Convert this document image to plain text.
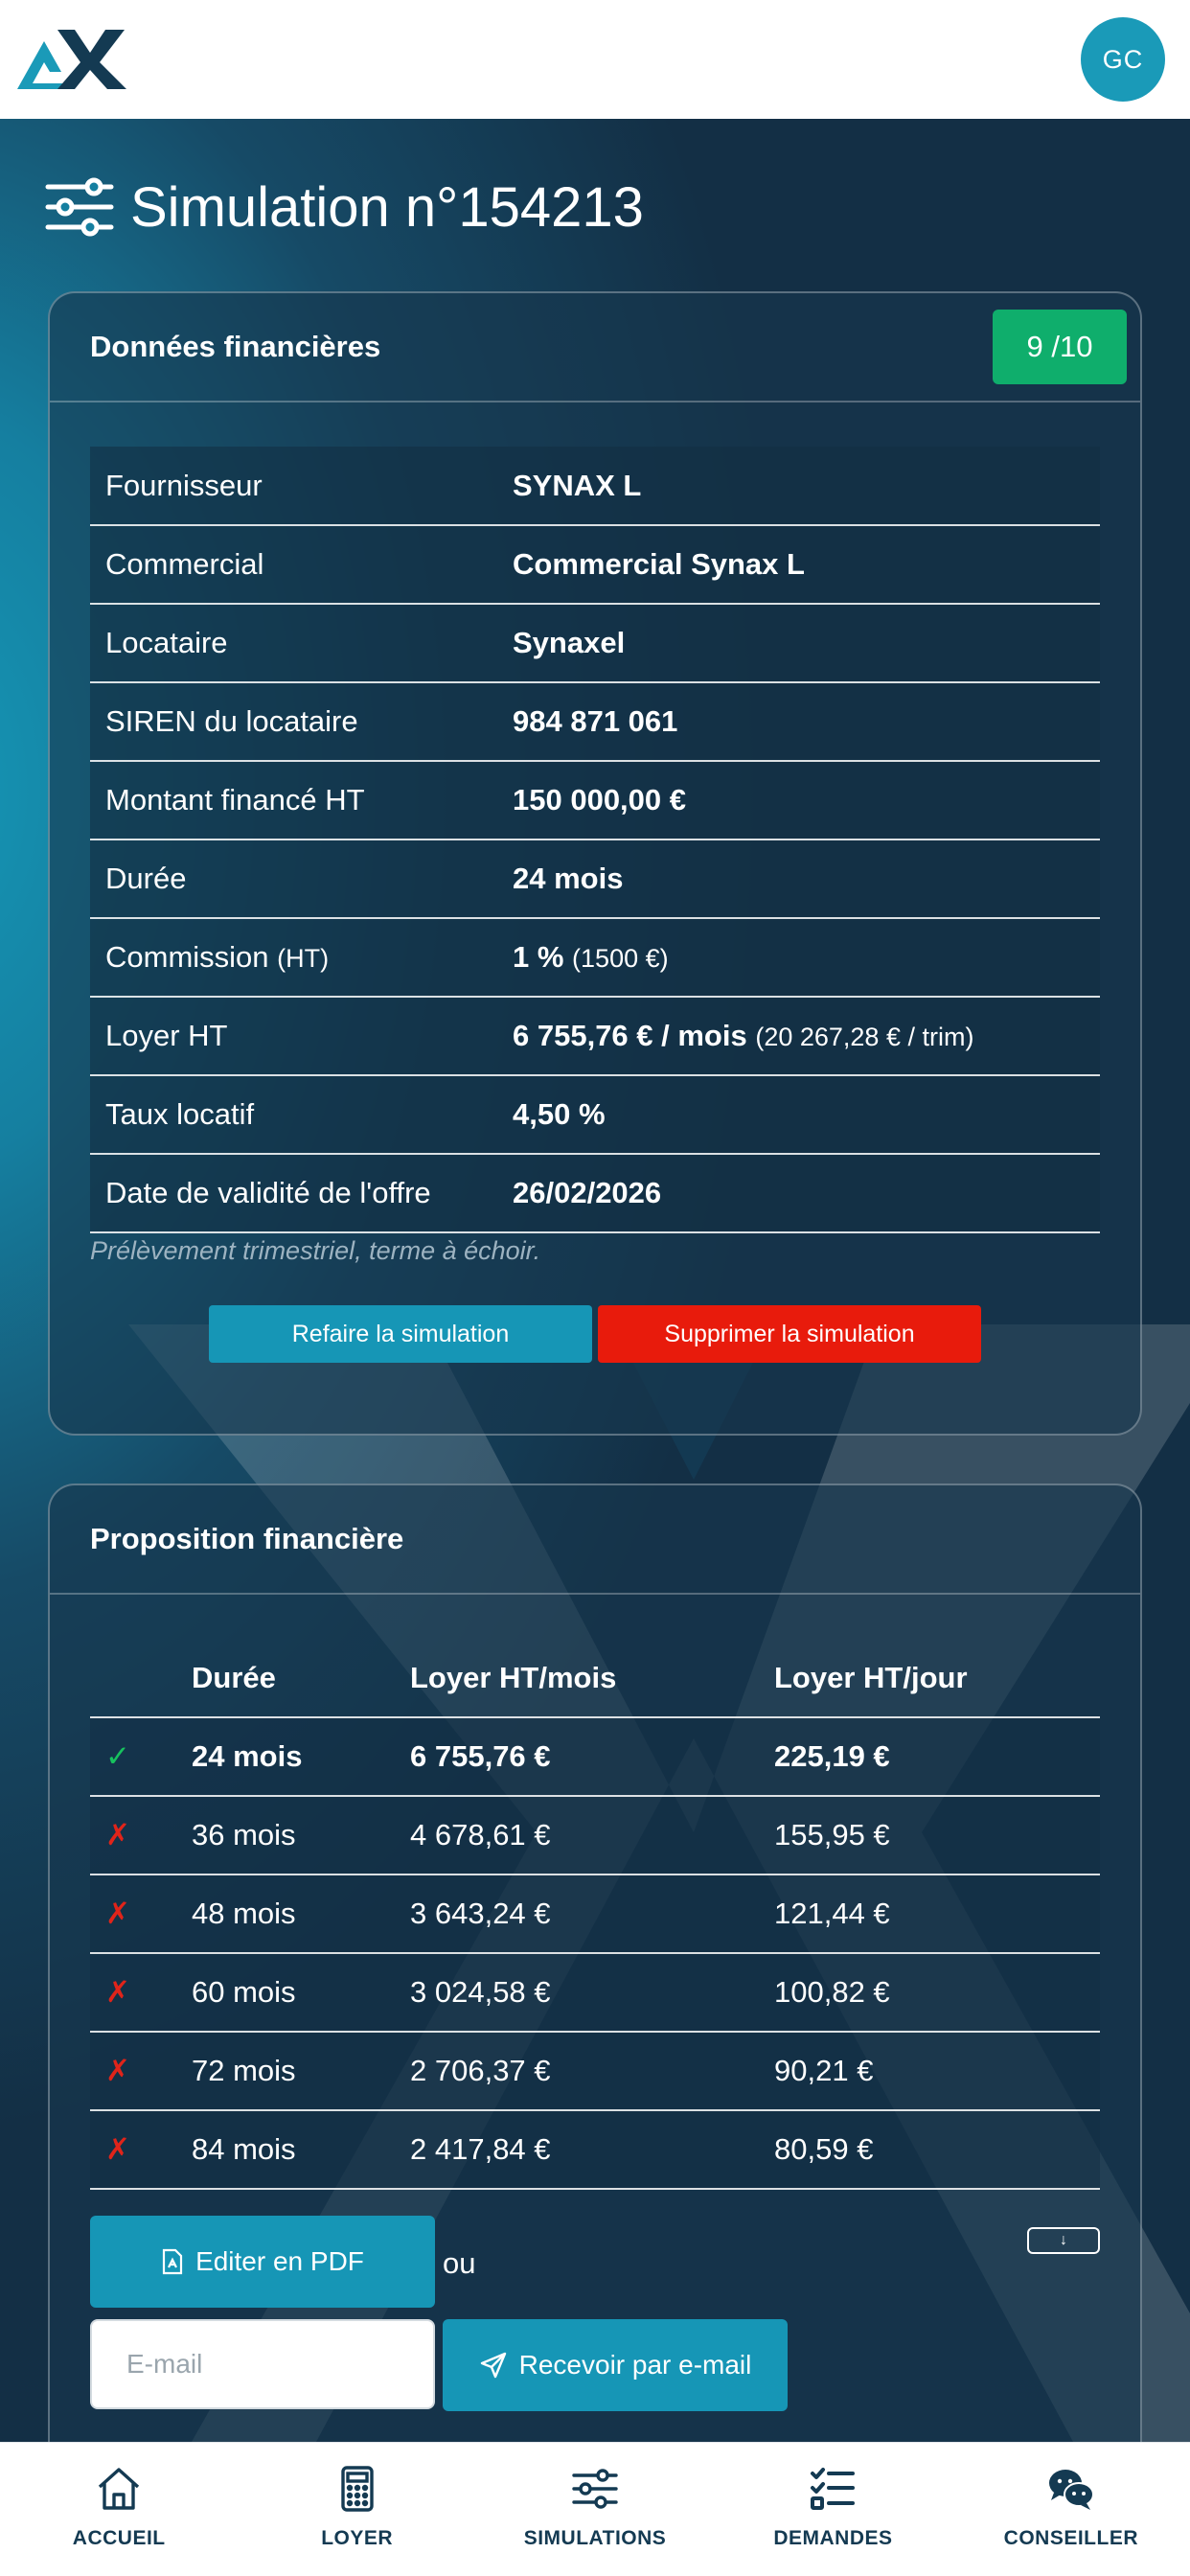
GC
Simulation n°154213
Données financières	9 /10
Fournisseur	SYNAX L
Commercial	Commercial Synax L
Locataire	Synaxel
SIREN du locataire	984 871 061
Montant financé HT	150 000,00 €
Durée	24 mois
Commission (HT)	1 % (1500 €)
Loyer HT	6 755,76 € / mois (20 267,28 € / trim)
Taux locatif	4,50 %
Date de validité de l'offre	26/02/2026
Prélèvement trimestriel, terme à échoir.
Refaire la simulation	Supprimer la simulation
Proposition financière
	Durée	Loyer HT/mois	Loyer HT/jour
✓	24 mois	6 755,76 €	225,19 €
✗	36 mois	4 678,61 €	155,95 €
✗	48 mois	3 643,24 €	121,44 €
✗	60 mois	3 024,58 €	100,82 €
✗	72 mois	2 706,37 €	90,21 €
✗	84 mois	2 417,84 €	80,59 €
Editer en PDF	ou
↓
E-mail
Recevoir par e-mail
ACCUEIL	LOYER	SIMULATIONS	DEMANDES	CONSEILLER
